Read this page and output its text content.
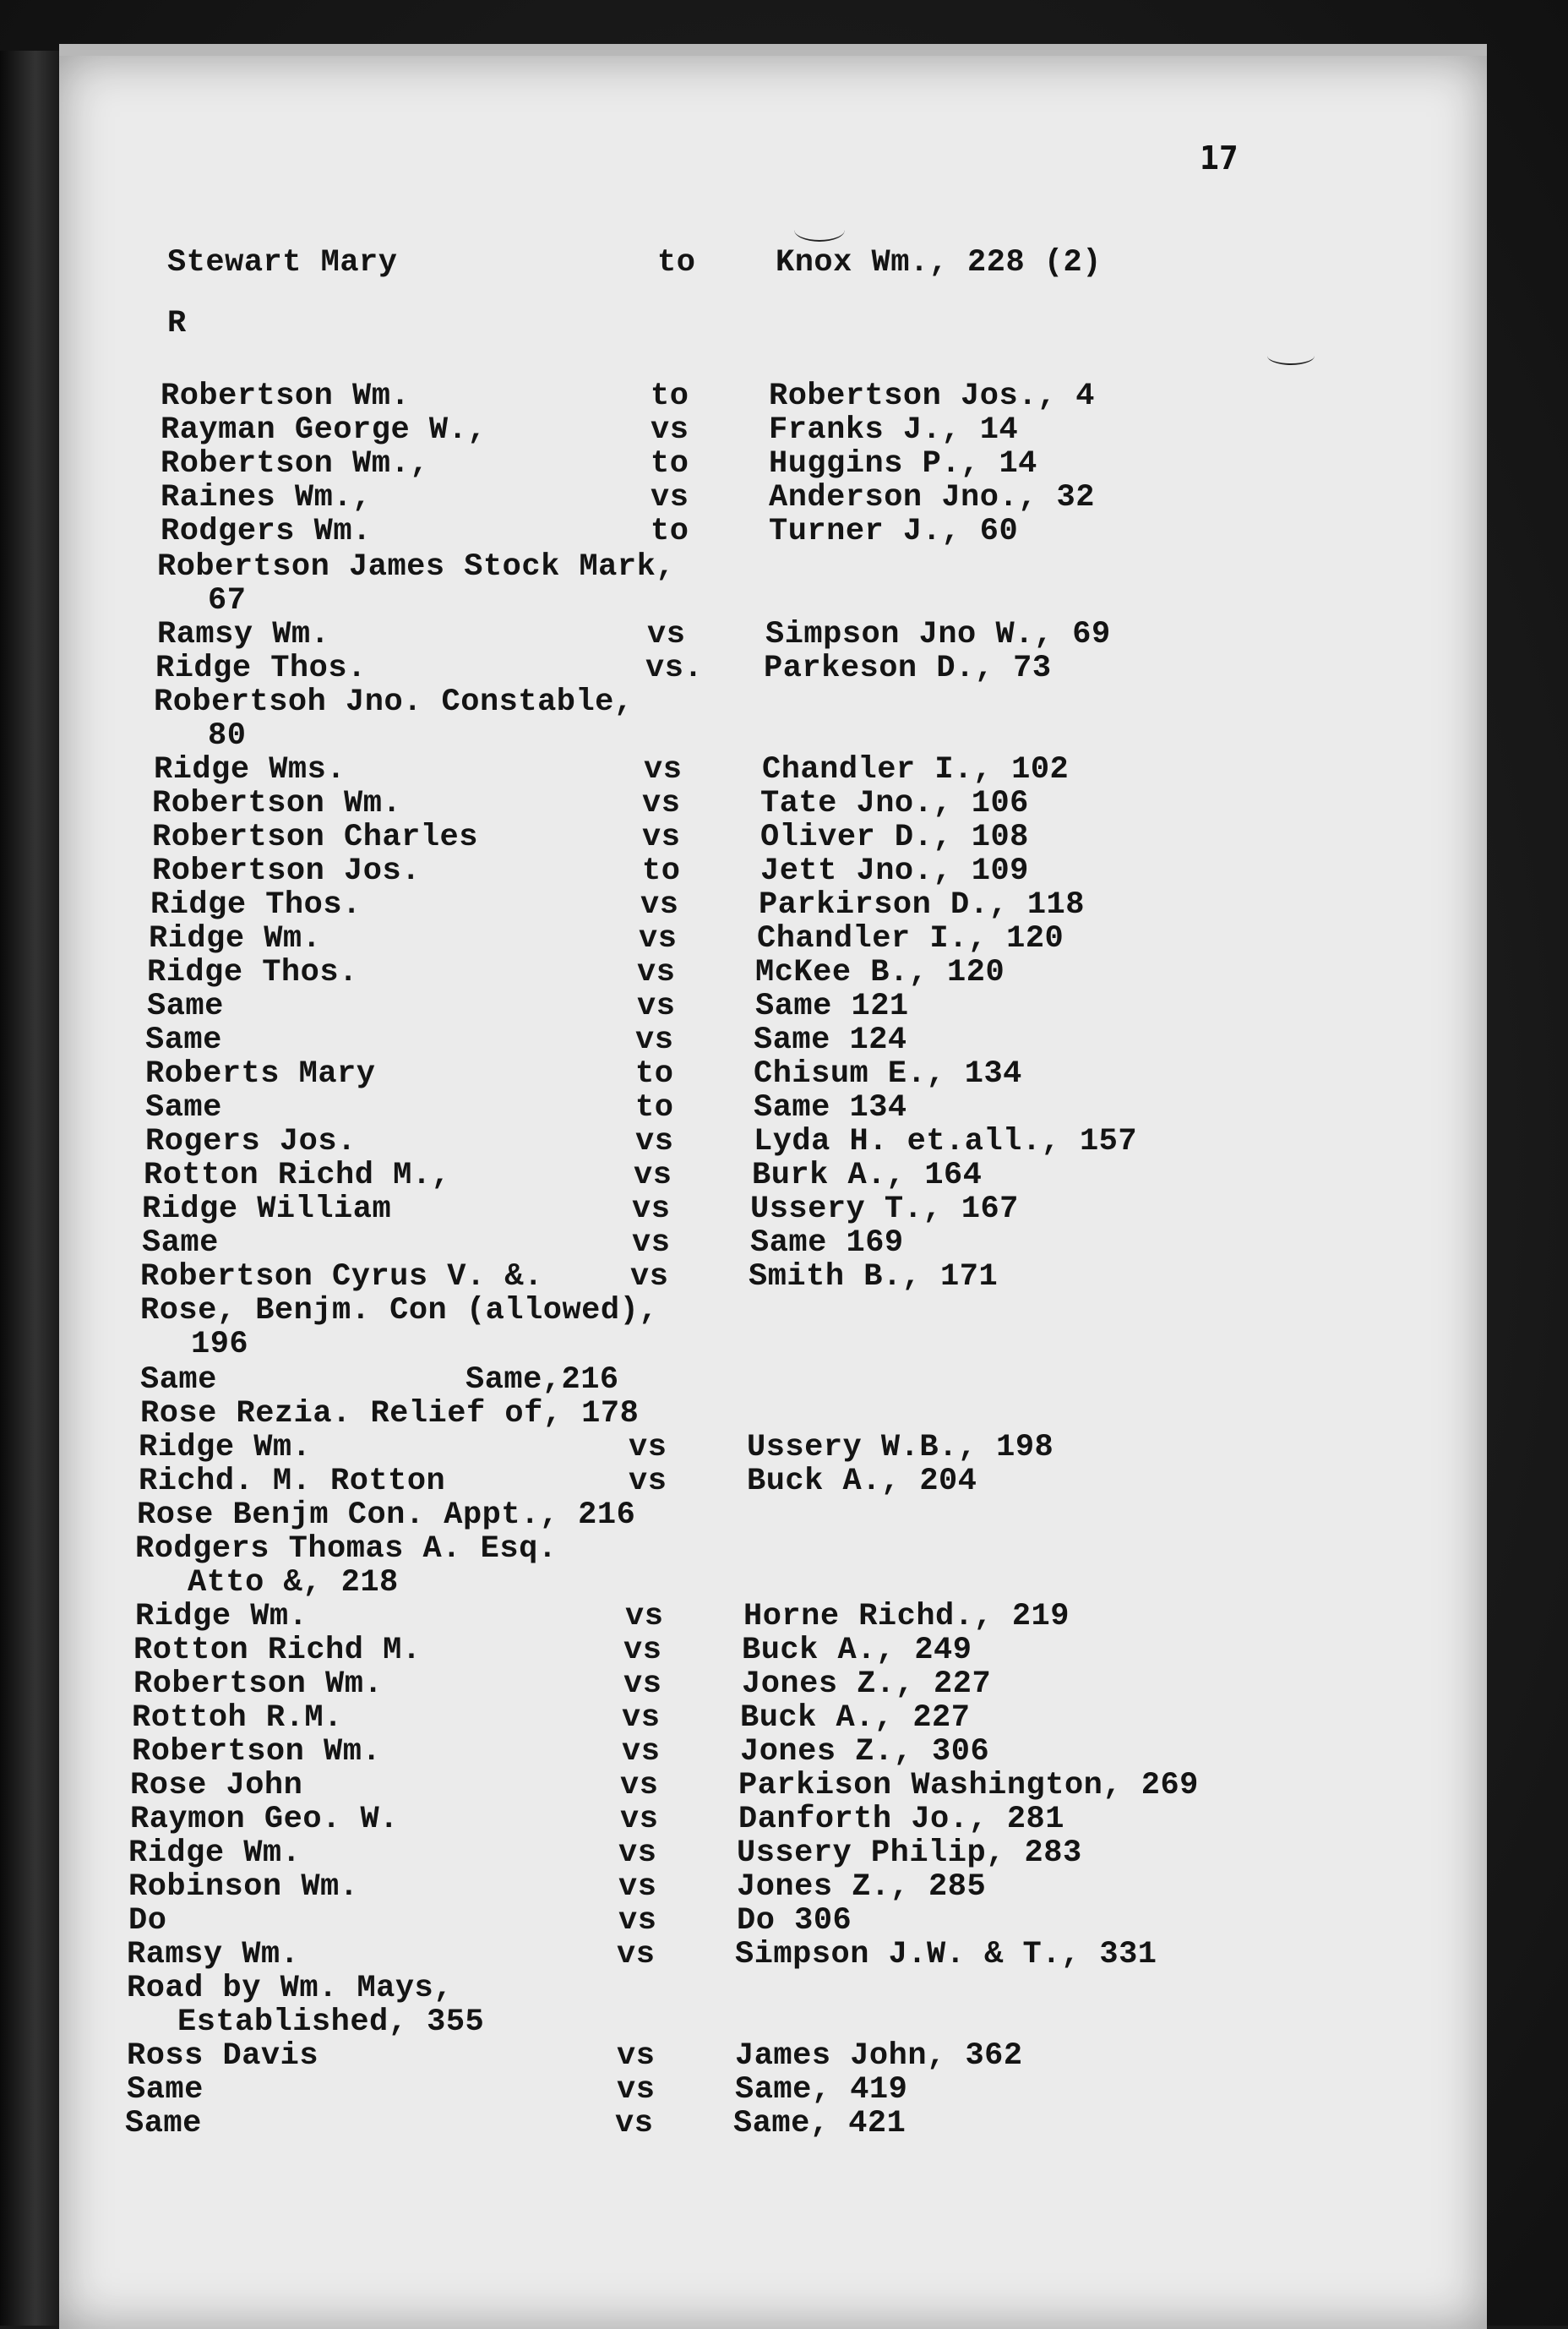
17
Stewart Mary	to	Knox Wm., 228 (2)
R
Robertson Wm.	to	Robertson Jos., 4
Rayman George W.,	vs	Franks J., 14
Robertson Wm.,	to	Huggins P., 14
Raines Wm.,	vs	Anderson Jno., 32
Rodgers Wm.	to	Turner J., 60
Robertson James Stock Mark,
67
Ramsy Wm.	vs	Simpson Jno W., 69
Ridge Thos.	vs. Parkeson D., 73
Robertsoh Jno. Constable,
80
Ridge Wms.	vs	Chandler I., 102
Robertson Wm.	vs	Tate Jno., 106
Robertson Charles	vs	Oliver D., 108
Robertson Jos.	to	Jett Jno., 109
Ridge Thos.	vs	Parkirson D., 118
Ridge Wm.	vs	Chandler I., 120
Ridge Thos.	vs	McKee B., 120
Same	vs	Same 121
Same	vs	Same 124
Roberts Mary	to	Chisum E., 134
Same	to	Same 134
Rogers Jos.	vs	Lyda H. et.all., 157
Rotton Richd M.,	vs	Burk A., 164
Ridge William	vs	Ussery T., 167
Same	vs	Same 169
Robertson Cyrus V. &.	vs	Smith B., 171
Rose, Benjm. Con (allowed),
196
Same	Same,216
Rose Rezia. Relief of, 178
Ridge Wm.	vs	Ussery W.B., 198
Richd. M. Rotton	vs	Buck A., 204
Rose Benjm Con. Appt., 216
Rodgers Thomas A. Esq.
Atto &, 218
Ridge Wm.	vs	Horne Richd., 219
Rotton Richd M.	vs	Buck A., 249
Robertson Wm.	vs	Jones Z., 227
Rottoh R.M.	vs	Buck A., 227
Robertson Wm.	vs	Jones Z., 306
Rose John	vs	Parkison Washington, 269
Raymon Geo. W.	vs	Danforth Jo., 281
Ridge Wm.	vs	Ussery Philip, 283
Robinson Wm.	vs	Jones Z., 285
Do	vs	Do 306
Ramsy Wm.	vs	Simpson J.W. & T., 331
Road by Wm. Mays,
Established, 355
Ross Davis	vs	James John, 362
Same	vs	Same, 419
Same	vs	Same, 421
